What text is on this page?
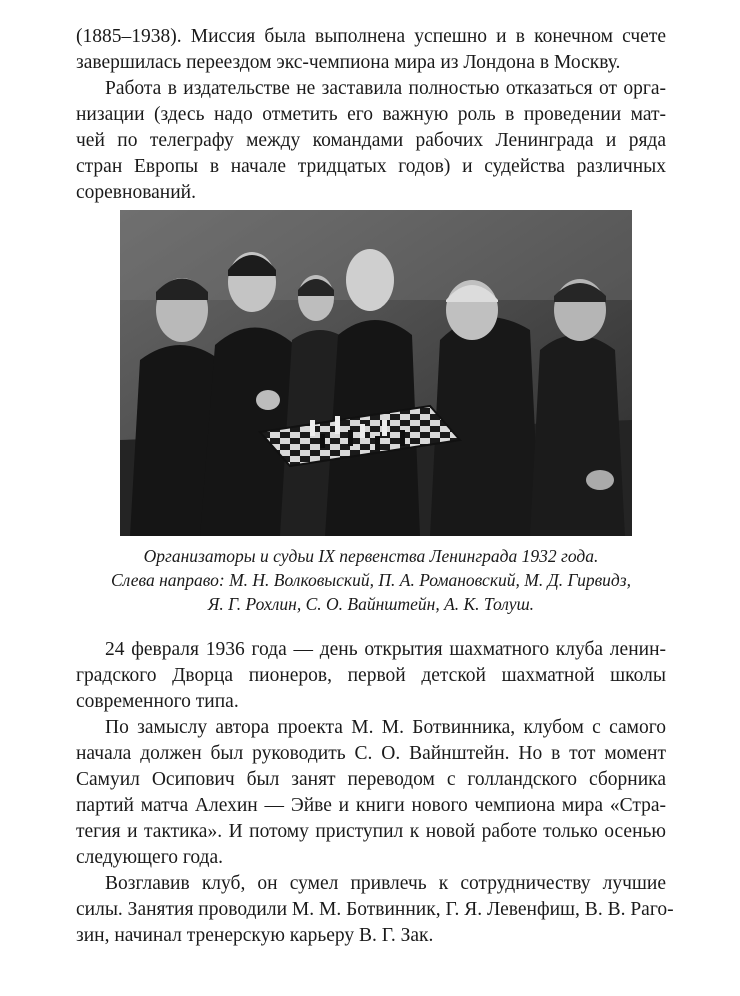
(1885–1938). Миссия была выполнена успешно и в конечном счете
завершилась переездом экс-чемпиона мира из Лондона в Москву.
Работа в издательстве не заставила полностью отказаться от орга-
низации (здесь надо отметить его важную роль в проведении мат-
чей по телеграфу между командами рабочих Ленинграда и ряда
стран Европы в начале тридцатых годов) и судейства различных
соревнований.
Организаторы и судьи IX первенства Ленинграда 1932 года.
Слева направо: М. Н. Волковыский, П. А. Романовский, М. Д. Гирвидз,
Я. Г. Рохлин, С. О. Вайнштейн, А. К. Толуш.
24 февраля 1936 года — день открытия шахматного клуба ленин-
градского Дворца пионеров, первой детской шахматной школы
современного типа.
По замыслу автора проекта М. М. Ботвинника, клубом с самого
начала должен был руководить С. О. Вайнштейн. Но в тот момент
Самуил Осипович был занят переводом с голландского сборника
партий матча Алехин — Эйве и книги нового чемпиона мира «Стра-
тегия и тактика». И потому приступил к новой работе только осенью
следующего года.
Возглавив клуб, он сумел привлечь к сотрудничеству лучшие
силы. Занятия проводили М. М. Ботвинник, Г. Я. Левенфиш, В. В. Раго-
зин, начинал тренерскую карьеру В. Г. Зак.
